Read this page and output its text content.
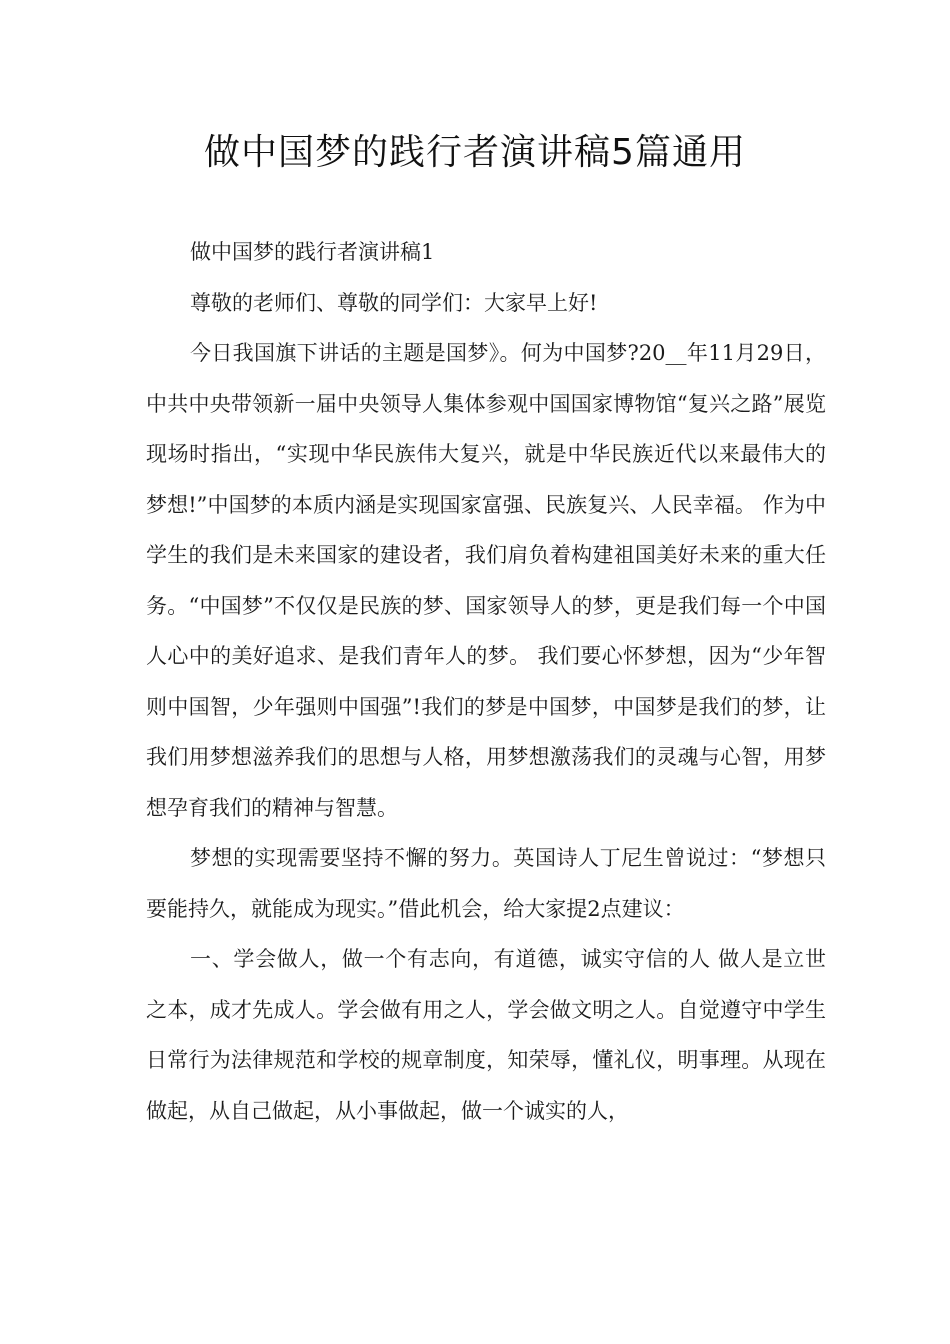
做中国梦的践行者演讲稿5篇通用

做中国梦的践行者演讲稿1

尊敬的老师们、尊敬的同学们：大家早上好!

今日我国旗下讲话的主题是国梦》。何为中国梦?20__年11月29日，中共中央带领新一届中央领导人集体参观中国国家博物馆“复兴之路”展览现场时指出，“实现中华民族伟大复兴，就是中华民族近代以来最伟大的梦想!”中国梦的本质内涵是实现国家富强、民族复兴、人民幸福。 作为中学生的我们是未来国家的建设者，我们肩负着构建祖国美好未来的重大任务。“中国梦”不仅仅是民族的梦、国家领导人的梦，更是我们每一个中国人心中的美好追求、是我们青年人的梦。 我们要心怀梦想，因为“少年智则中国智，少年强则中国强”!我们的梦是中国梦，中国梦是我们的梦，让我们用梦想滋养我们的思想与人格，用梦想激荡我们的灵魂与心智，用梦想孕育我们的精神与智慧。

梦想的实现需要坚持不懈的努力。英国诗人丁尼生曾说过：“梦想只要能持久，就能成为现实。”借此机会，给大家提2点建议：

一、学会做人，做一个有志向，有道德，诚实守信的人 做人是立世之本，成才先成人。学会做有用之人，学会做文明之人。自觉遵守中学生日常行为法律规范和学校的规章制度，知荣辱，懂礼仪，明事理。从现在做起，从自己做起，从小事做起，做一个诚实的人，
